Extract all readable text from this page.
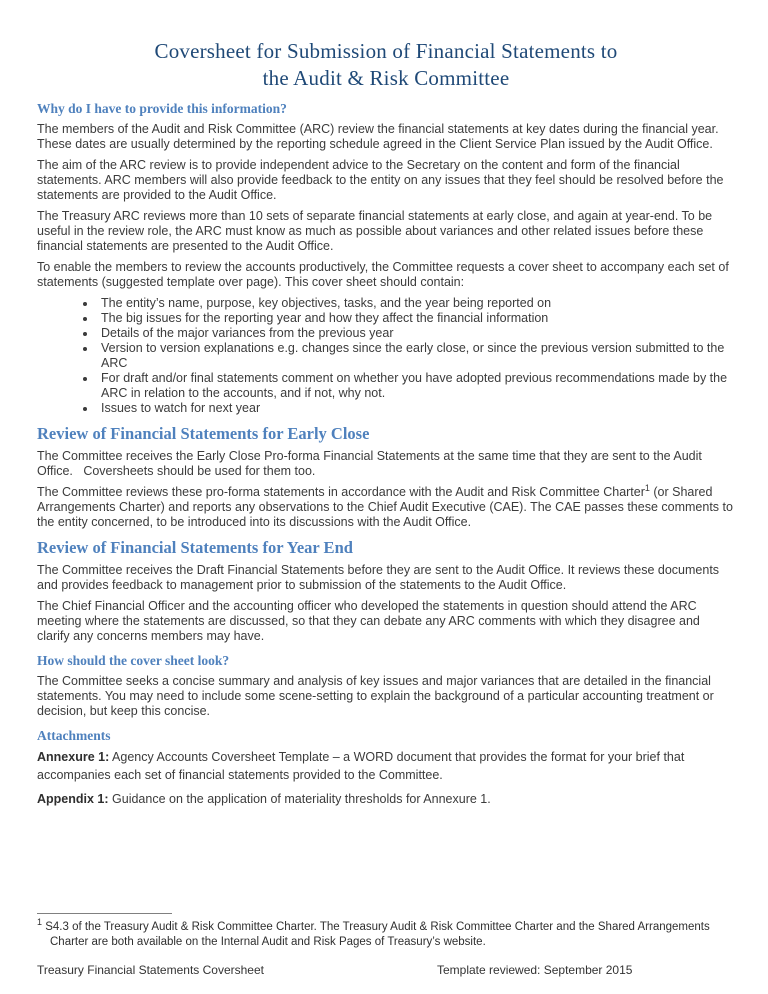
Coversheet for Submission of Financial Statements to
the Audit & Risk Committee
Why do I have to provide this information?

The members of the Audit and Risk Committee (ARC) review the financial statements at key dates during the financial year. These dates are usually determined by the reporting schedule agreed in the Client Service Plan issued by the Audit Office.

The aim of the ARC review is to provide independent advice to the Secretary on the content and form of the financial statements. ARC members will also provide feedback to the entity on any issues that they feel should be resolved before the statements are provided to the Audit Office.

The Treasury ARC reviews more than 10 sets of separate financial statements at early close, and again at year-end. To be useful in the review role, the ARC must know as much as possible about variances and other related issues before these financial statements are presented to the Audit Office.

To enable the members to review the accounts productively, the Committee requests a cover sheet to accompany each set of statements (suggested template over page). This cover sheet should contain:

• The entity’s name, purpose, key objectives, tasks, and the year being reported on
• The big issues for the reporting year and how they affect the financial information
• Details of the major variances from the previous year
• Version to version explanations e.g. changes since the early close, or since the previous version submitted to the ARC
• For draft and/or final statements comment on whether you have adopted previous recommendations made by the ARC in relation to the accounts, and if not, why not.
• Issues to watch for next year
Review of Financial Statements for Early Close

The Committee receives the Early Close Pro-forma Financial Statements at the same time that they are sent to the Audit Office.   Coversheets should be used for them too.

The Committee reviews these pro-forma statements in accordance with the Audit and Risk Committee Charter$^1$ (or Shared Arrangements Charter) and reports any observations to the Chief Audit Executive (CAE). The CAE passes these comments to the entity concerned, to be introduced into its discussions with the Audit Office.

Review of Financial Statements for Year End

The Committee receives the Draft Financial Statements before they are sent to the Audit Office. It reviews these documents and provides feedback to management prior to submission of the statements to the Audit Office.

The Chief Financial Officer and the accounting officer who developed the statements in question should attend the ARC meeting where the statements are discussed, so that they can debate any ARC comments with which they disagree and clarify any concerns members may have.

How should the cover sheet look?

The Committee seeks a concise summary and analysis of key issues and major variances that are detailed in the financial statements. You may need to include some scene-setting to explain the background of a particular accounting treatment or decision, but keep this concise.

Attachments

Annexure 1: Agency Accounts Coversheet Template – a WORD document that provides the format for your brief that accompanies each set of financial statements provided to the Committee.

Appendix 1: Guidance on the application of materiality thresholds for Annexure 1.

$^1$ S4.3 of the Treasury Audit & Risk Committee Charter. The Treasury Audit & Risk Committee Charter and the Shared Arrangements Charter are both available on the Internal Audit and Risk Pages of Treasury’s website.
Treasury Financial Statements Coversheet	Template reviewed: September 2015
